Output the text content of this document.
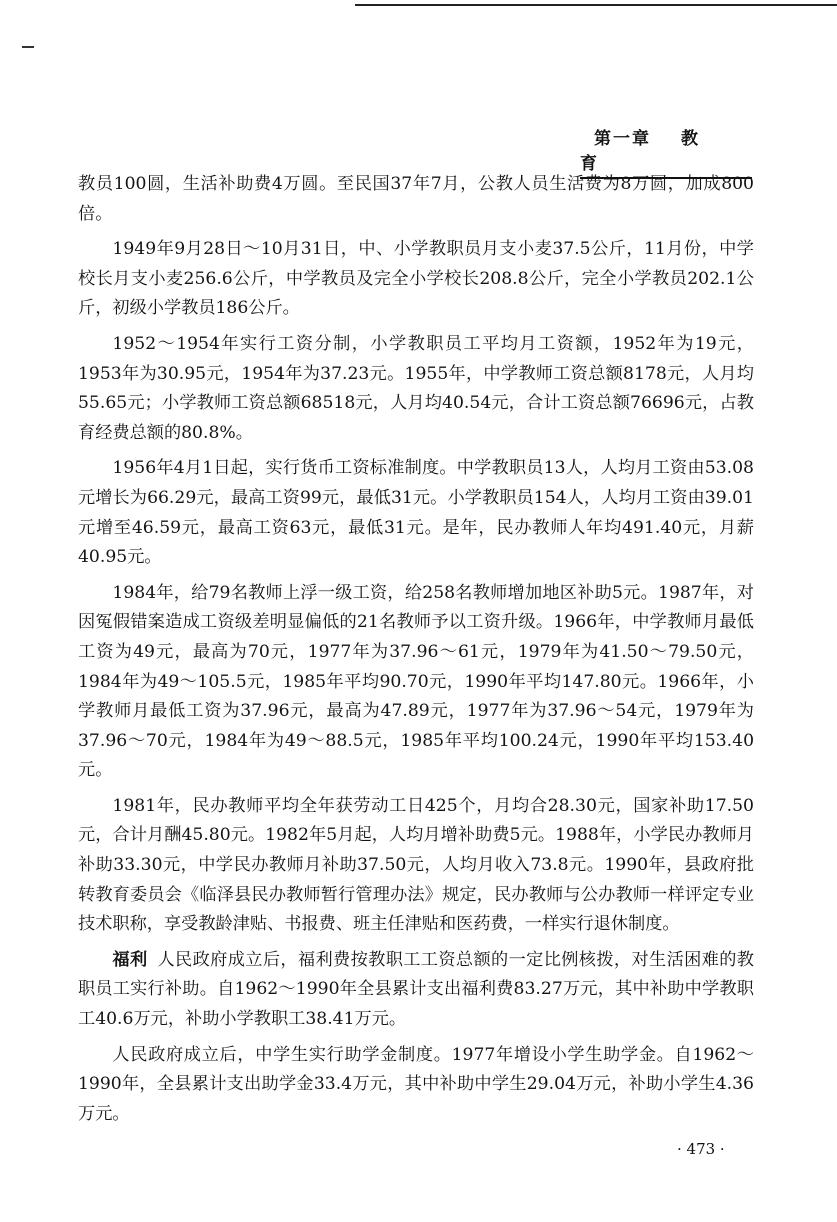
第一章 教 育

教员100圆，生活补助费4万圆。至民国37年7月，公教人员生活费为8万圆，加成800倍。

1949年9月28日～10月31日，中、小学教职员月支小麦37.5公斤，11月份，中学校长月支小麦256.6公斤，中学教员及完全小学校长208.8公斤，完全小学教员202.1公斤，初级小学教员186公斤。

1952～1954年实行工资分制，小学教职员工平均月工资额，1952年为19元，1953年为30.95元，1954年为37.23元。1955年，中学教师工资总额8178元，人月均55.65元；小学教师工资总额68518元，人月均40.54元，合计工资总额76696元，占教育经费总额的80.8%。

1956年4月1日起，实行货币工资标准制度。中学教职员13人，人均月工资由53.08元增长为66.29元，最高工资99元，最低31元。小学教职员154人，人均月工资由39.01元增至46.59元，最高工资63元，最低31元。是年，民办教师人年均491.40元，月薪40.95元。

1984年，给79名教师上浮一级工资，给258名教师增加地区补助5元。1987年，对因冤假错案造成工资级差明显偏低的21名教师予以工资升级。1966年，中学教师月最低工资为49元，最高为70元，1977年为37.96～61元，1979年为41.50～79.50元，1984年为49～105.5元，1985年平均90.70元，1990年平均147.80元。1966年，小学教师月最低工资为37.96元，最高为47.89元，1977年为37.96～54元，1979年为37.96～70元，1984年为49～88.5元，1985年平均100.24元，1990年平均153.40元。

1981年，民办教师平均全年获劳动工日425个，月均合28.30元，国家补助17.50元，合计月酬45.80元。1982年5月起，人均月增补助费5元。1988年，小学民办教师月补助33.30元，中学民办教师月补助37.50元，人均月收入73.8元。1990年，县政府批转教育委员会《临泽县民办教师暂行管理办法》规定，民办教师与公办教师一样评定专业技术职称，享受教龄津贴、书报费、班主任津贴和医药费，一样实行退休制度。

福利 人民政府成立后，福利费按教职工工资总额的一定比例核拨，对生活困难的教职员工实行补助。自1962～1990年全县累计支出福利费83.27万元，其中补助中学教职工40.6万元，补助小学教职工38.41万元。

人民政府成立后，中学生实行助学金制度。1977年增设小学生助学金。自1962～1990年，全县累计支出助学金33.4万元，其中补助中学生29.04万元，补助小学生4.36万元。

· 473 ·
